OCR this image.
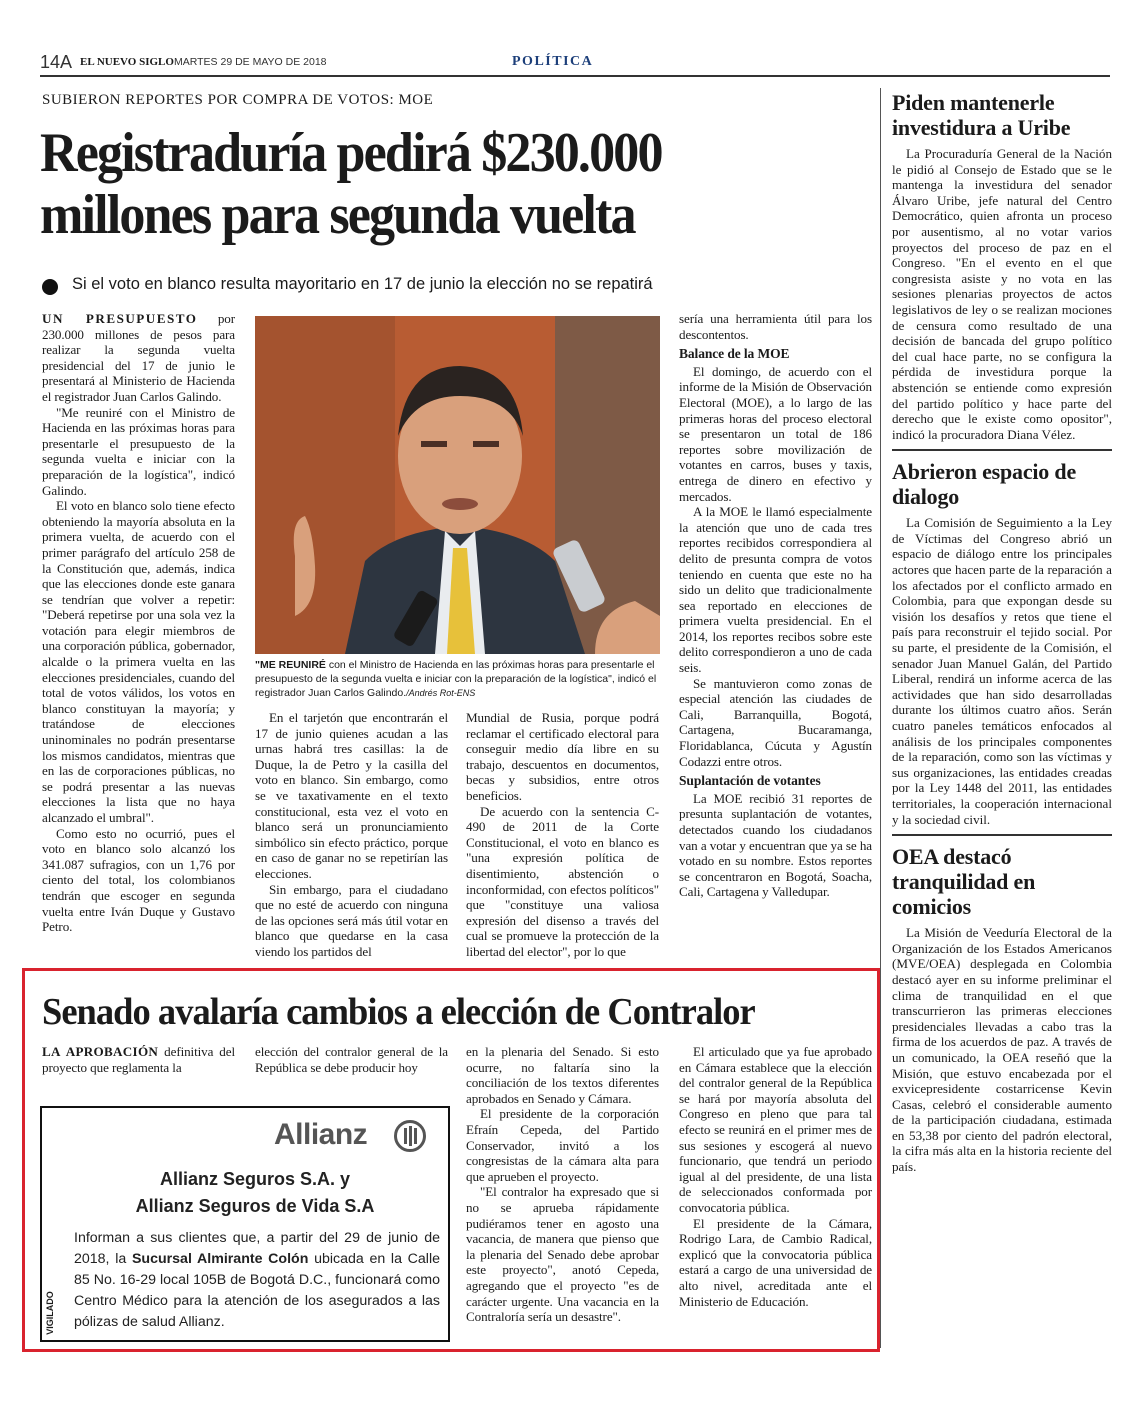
14A EL NUEVO SIGLO MARTES 29 DE MAYO DE 2018	POLÍTICA
SUBIERON REPORTES POR COMPRA DE VOTOS: MOE
Registraduría pedirá $230.000
millones para segunda vuelta
Si el voto en blanco resulta mayoritario en 17 de junio la elección no se repatirá

UN PRESUPUESTO por 230.000 millones de pesos para realizar la segunda vuelta presidencial del 17 de junio le presentará al Ministerio de Hacienda el registrador Juan Carlos Galindo.

"Me reuniré con el Ministro de Hacienda en las próximas horas para presentarle el presupuesto de la segunda vuelta e iniciar con la preparación de la logística", indicó Galindo.

El voto en blanco solo tiene efecto obteniendo la mayoría absoluta en la primera vuelta, de acuerdo con el primer parágrafo del artículo 258 de la Constitución que, además, indica que las elecciones donde este ganara se tendrían que volver a repetir: "Deberá repetirse por una sola vez la votación para elegir miembros de una corporación pública, gobernador, alcalde o la primera vuelta en las elecciones presidenciales, cuando del total de votos válidos, los votos en blanco constituyan la mayoría; y tratándose de elecciones uninominales no podrán presentarse los mismos candidatos, mientras que en las de corporaciones públicas, no se podrá presentar a las nuevas elecciones la lista que no haya alcanzado el umbral".

Como esto no ocurrió, pues el voto en blanco solo alcanzó los 341.087 sufragios, con un 1,76 por ciento del total, los colombianos tendrán que escoger en segunda vuelta entre Iván Duque y Gustavo Petro.

"ME REUNIRÉ con el Ministro de Hacienda en las próximas horas para presentarle el presupuesto de la segunda vuelta e iniciar con la preparación de la logística", indicó el registrador Juan Carlos Galindo./Andrés Rot-ENS

En el tarjetón que encontrarán el 17 de junio quienes acudan a las urnas habrá tres casillas: la de Duque, la de Petro y la casilla del voto en blanco. Sin embargo, como se ve taxativamente en el texto constitucional, esta vez el voto en blanco será un pronunciamiento simbólico sin efecto práctico, porque en caso de ganar no se repetirían las elecciones.

Sin embargo, para el ciudadano que no esté de acuerdo con ninguna de las opciones será más útil votar en blanco que quedarse en la casa viendo los partidos del

Mundial de Rusia, porque podrá reclamar el certificado electoral para conseguir medio día libre en su trabajo, descuentos en documentos, becas y subsidios, entre otros beneficios.

De acuerdo con la sentencia C-490 de 2011 de la Corte Constitucional, el voto en blanco es "una expresión política de disentimiento, abstención o inconformidad, con efectos políticos" que "constituye una valiosa expresión del disenso a través del cual se promueve la protección de la libertad del elector", por lo que

sería una herramienta útil para los descontentos.

Balance de la MOE

El domingo, de acuerdo con el informe de la Misión de Observación Electoral (MOE), a lo largo de las primeras horas del proceso electoral se presentaron un total de 186 reportes sobre movilización de votantes en carros, buses y taxis, entrega de dinero en efectivo y mercados.

A la MOE le llamó especialmente la atención que uno de cada tres reportes recibidos correspondiera al delito de presunta compra de votos teniendo en cuenta que este no ha sido un delito que tradicionalmente sea reportado en elecciones de primera vuelta presidencial. En el 2014, los reportes recibos sobre este delito correspondieron a uno de cada seis.

Se mantuvieron como zonas de especial atención las ciudades de Cali, Barranquilla, Bogotá, Cartagena, Bucaramanga, Floridablanca, Cúcuta y Agustín Codazzi entre otros.

Suplantación de votantes

La MOE recibió 31 reportes de presunta suplantación de votantes, detectados cuando los ciudadanos van a votar y encuentran que ya se ha votado en su nombre. Estos reportes se concentraron en Bogotá, Soacha, Cali, Cartagena y Valledupar.

Piden mantenerle investidura a Uribe

La Procuraduría General de la Nación le pidió al Consejo de Estado que se le mantenga la investidura del senador Álvaro Uribe, jefe natural del Centro Democrático, quien afronta un proceso por ausentismo, al no votar varios proyectos del proceso de paz en el Congreso. "En el evento en el que congresista asiste y no vota en las sesiones plenarias proyectos de actos legislativos de ley o se realizan mociones de censura como resultado de una decisión de bancada del grupo político del cual hace parte, no se configura la pérdida de investidura porque la abstención se entiende como expresión del partido político y hace parte del derecho que le existe como opositor", indicó la procuradora Diana Vélez.

Abrieron espacio de dialogo

La Comisión de Seguimiento a la Ley de Víctimas del Congreso abrió un espacio de diálogo entre los principales actores que hacen parte de la reparación a los afectados por el conflicto armado en Colombia, para que expongan desde su visión los desafíos y retos que tiene el país para reconstruir el tejido social. Por su parte, el presidente de la Comisión, el senador Juan Manuel Galán, del Partido Liberal, rendirá un informe acerca de las actividades que han sido desarrolladas durante los últimos cuatro años. Serán cuatro paneles temáticos enfocados al análisis de los principales componentes de la reparación, como son las víctimas y sus organizaciones, las entidades creadas por la Ley 1448 del 2011, las entidades territoriales, la cooperación internacional y la sociedad civil.

OEA destacó tranquilidad en comicios

La Misión de Veeduría Electoral de la Organización de los Estados Americanos (MVE/OEA) desplegada en Colombia destacó ayer en su informe preliminar el clima de tranquilidad en el que transcurrieron las primeras elecciones presidenciales llevadas a cabo tras la firma de los acuerdos de paz. A través de un comunicado, la OEA reseñó que la Misión, que estuvo encabezada por el exvicepresidente costarricense Kevin Casas, celebró el considerable aumento de la participación ciudadana, estimada en 53,38 por ciento del padrón electoral, la cifra más alta en la historia reciente del país.

Senado avalaría cambios a elección de Contralor

LA APROBACIÓN definitiva del proyecto que reglamenta la

elección del contralor general de la República se debe producir hoy

en la plenaria del Senado. Si esto ocurre, no faltaría sino la conciliación de los textos diferentes aprobados en Senado y Cámara.

El presidente de la corporación Efraín Cepeda, del Partido Conservador, invitó a los congresistas de la cámara alta para que aprueben el proyecto.

"El contralor ha expresado que si no se aprueba rápidamente pudiéramos tener en agosto una vacancia, de manera que pienso que la plenaria del Senado debe aprobar este proyecto", anotó Cepeda, agregando que el proyecto "es de carácter urgente. Una vacancia en la Contraloría sería un desastre".

El articulado que ya fue aprobado en Cámara establece que la elección del contralor general de la República se hará por mayoría absoluta del Congreso en pleno que para tal efecto se reunirá en el primer mes de sus sesiones y escogerá al nuevo funcionario, que tendrá un periodo igual al del presidente, de una lista de seleccionados conformada por convocatoria pública.

El presidente de la Cámara, Rodrigo Lara, de Cambio Radical, explicó que la convocatoria pública estará a cargo de una universidad de alto nivel, acreditada ante el Ministerio de Educación.

VIGILADO
Allianz
Allianz Seguros S.A. y
Allianz Seguros de Vida S.A
Informan a sus clientes que, a partir del 29 de junio de 2018, la Sucursal Almirante Colón ubicada en la Calle 85 No. 16-29 local 105B de Bogotá D.C., funcionará como Centro Médico para la atención de los asegurados a las pólizas de salud Allianz.
